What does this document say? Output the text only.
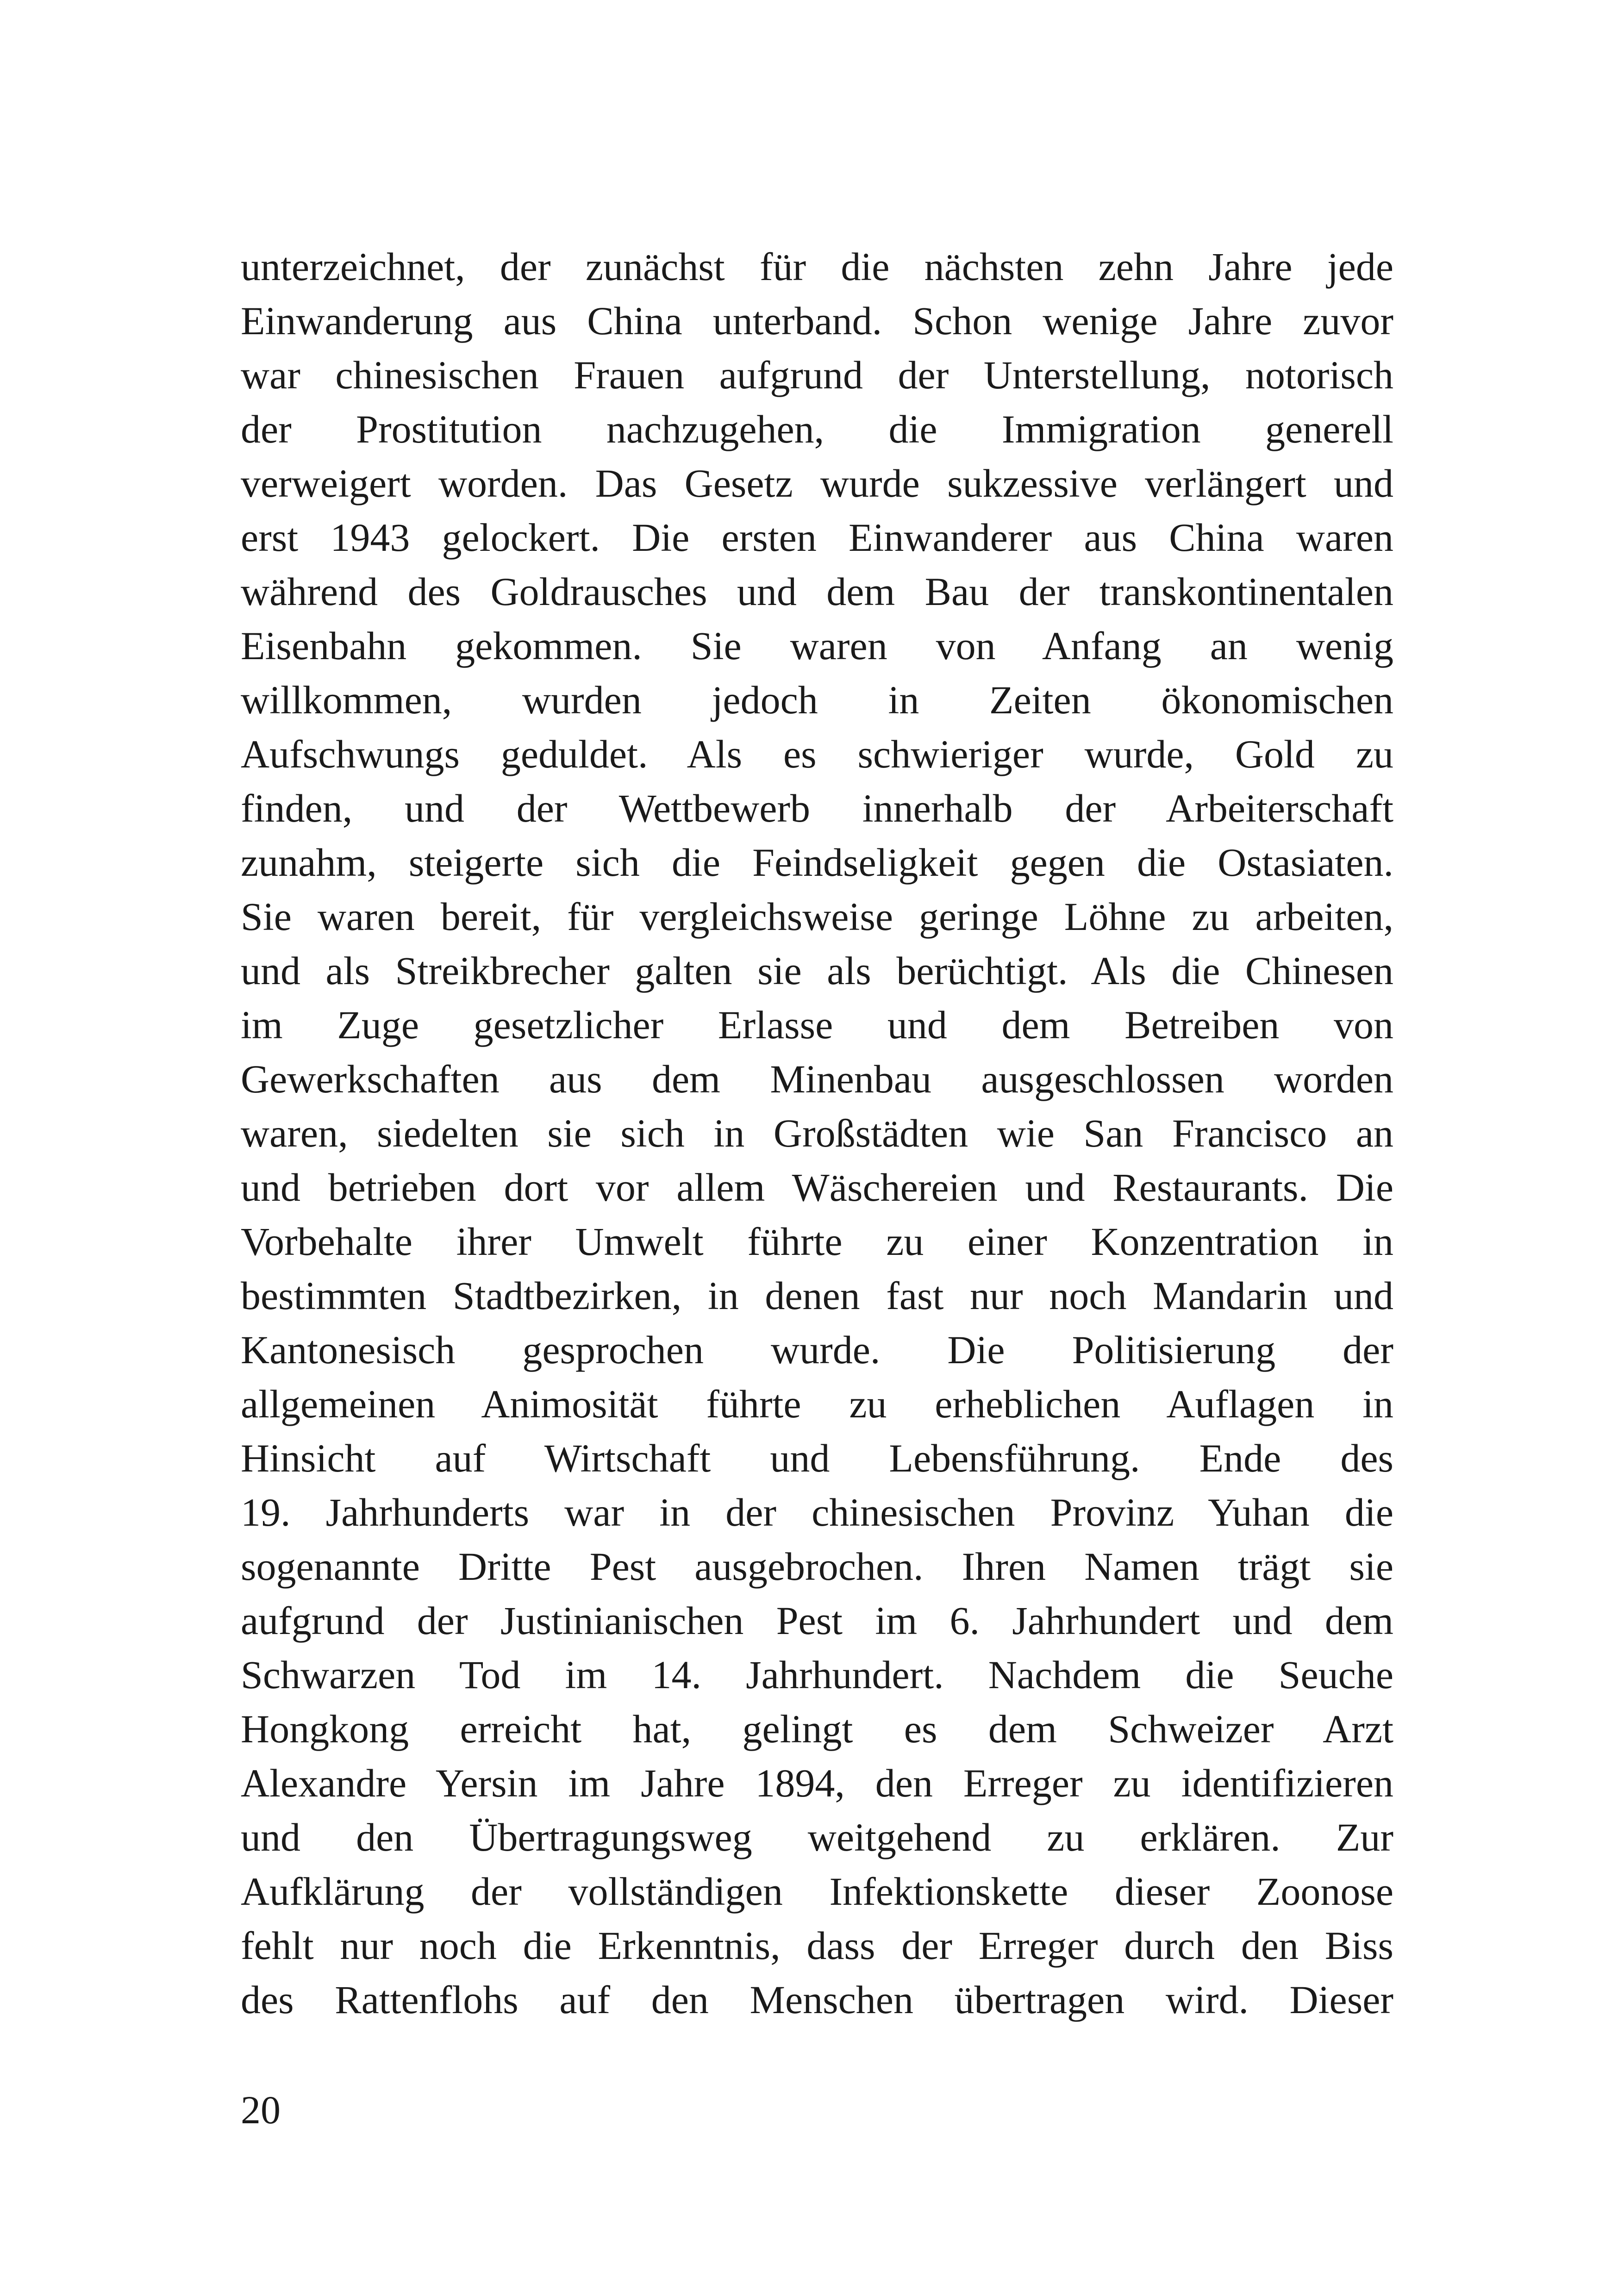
unterzeichnet, der zunächst für die nächsten zehn Jahre jede
Einwanderung aus China unterband. Schon wenige Jahre zuvor
war chinesischen Frauen aufgrund der Unterstellung, notorisch
der Prostitution nachzugehen, die Immigration generell
verweigert worden. Das Gesetz wurde sukzessive verlängert und
erst 1943 gelockert. Die ersten Einwanderer aus China waren
während des Goldrausches und dem Bau der transkontinentalen
Eisenbahn gekommen. Sie waren von Anfang an wenig
willkommen, wurden jedoch in Zeiten ökonomischen
Aufschwungs geduldet. Als es schwieriger wurde, Gold zu
finden, und der Wettbewerb innerhalb der Arbeiterschaft
zunahm, steigerte sich die Feindseligkeit gegen die Ostasiaten.
Sie waren bereit, für vergleichsweise geringe Löhne zu arbeiten,
und als Streikbrecher galten sie als berüchtigt. Als die Chinesen
im Zuge gesetzlicher Erlasse und dem Betreiben von
Gewerkschaften aus dem Minenbau ausgeschlossen worden
waren, siedelten sie sich in Großstädten wie San Francisco an
und betrieben dort vor allem Wäschereien und Restaurants. Die
Vorbehalte ihrer Umwelt führte zu einer Konzentration in
bestimmten Stadtbezirken, in denen fast nur noch Mandarin und
Kantonesisch gesprochen wurde. Die Politisierung der
allgemeinen Animosität führte zu erheblichen Auflagen in
Hinsicht auf Wirtschaft und Lebensführung. Ende des
19. Jahrhunderts war in der chinesischen Provinz Yuhan die
sogenannte Dritte Pest ausgebrochen. Ihren Namen trägt sie
aufgrund der Justinianischen Pest im 6. Jahrhundert und dem
Schwarzen Tod im 14. Jahrhundert. Nachdem die Seuche
Hongkong erreicht hat, gelingt es dem Schweizer Arzt
Alexandre Yersin im Jahre 1894, den Erreger zu identifizieren
und den Übertragungsweg weitgehend zu erklären. Zur
Aufklärung der vollständigen Infektionskette dieser Zoonose
fehlt nur noch die Erkenntnis, dass der Erreger durch den Biss
des Rattenflohs auf den Menschen übertragen wird. Dieser

20
